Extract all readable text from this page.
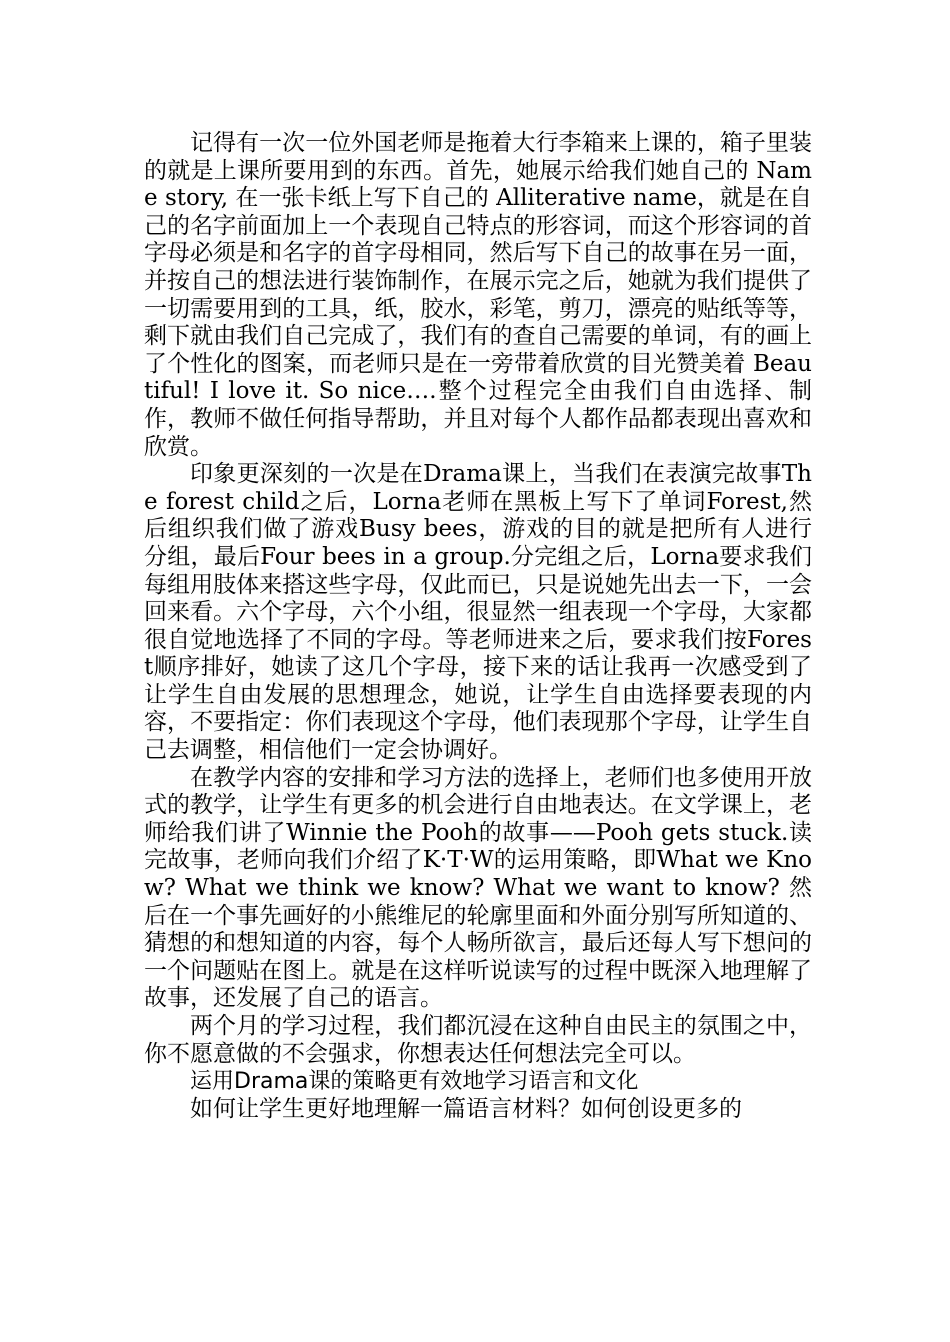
记得有一次一位外国老师是拖着大行李箱来上课的，箱子里装的就是上课所要用到的东西。首先，她展示给我们她自己的 Name story, 在一张卡纸上写下自己的 Alliterative name，就是在自己的名字前面加上一个表现自己特点的形容词，而这个形容词的首字母必须是和名字的首字母相同，然后写下自己的故事在另一面，并按自己的想法进行装饰制作，在展示完之后，她就为我们提供了一切需要用到的工具，纸，胶水，彩笔，剪刀，漂亮的贴纸等等，剩下就由我们自己完成了，我们有的查自己需要的单词，有的画上了个性化的图案，而老师只是在一旁带着欣赏的目光赞美着 Beautiful! I love it. So nice….整个过程完全由我们自由选择、制作，教师不做任何指导帮助，并且对每个人都作品都表现出喜欢和欣赏。

印象更深刻的一次是在Drama课上，当我们在表演完故事The forest child之后，Lorna老师在黑板上写下了单词Forest,然后组织我们做了游戏Busy bees，游戏的目的就是把所有人进行分组，最后Four bees in a group.分完组之后，Lorna要求我们每组用肢体来搭这些字母，仅此而已，只是说她先出去一下，一会回来看。六个字母，六个小组，很显然一组表现一个字母，大家都很自觉地选择了不同的字母。等老师进来之后，要求我们按Forest顺序排好，她读了这几个字母，接下来的话让我再一次感受到了让学生自由发展的思想理念，她说，让学生自由选择要表现的内容，不要指定：你们表现这个字母，他们表现那个字母，让学生自己去调整，相信他们一定会协调好。

在教学内容的安排和学习方法的选择上，老师们也多使用开放式的教学，让学生有更多的机会进行自由地表达。在文学课上，老师给我们讲了Winnie the Pooh的故事——Pooh gets stuck.读完故事，老师向我们介绍了K·T·W的运用策略，即What we Know? What we think we know? What we want to know? 然后在一个事先画好的小熊维尼的轮廓里面和外面分别写所知道的、猜想的和想知道的内容，每个人畅所欲言，最后还每人写下想问的一个问题贴在图上。就是在这样听说读写的过程中既深入地理解了故事，还发展了自己的语言。

两个月的学习过程，我们都沉浸在这种自由民主的氛围之中，你不愿意做的不会强求，你想表达任何想法完全可以。

运用Drama课的策略更有效地学习语言和文化

如何让学生更好地理解一篇语言材料？如何创设更多的
